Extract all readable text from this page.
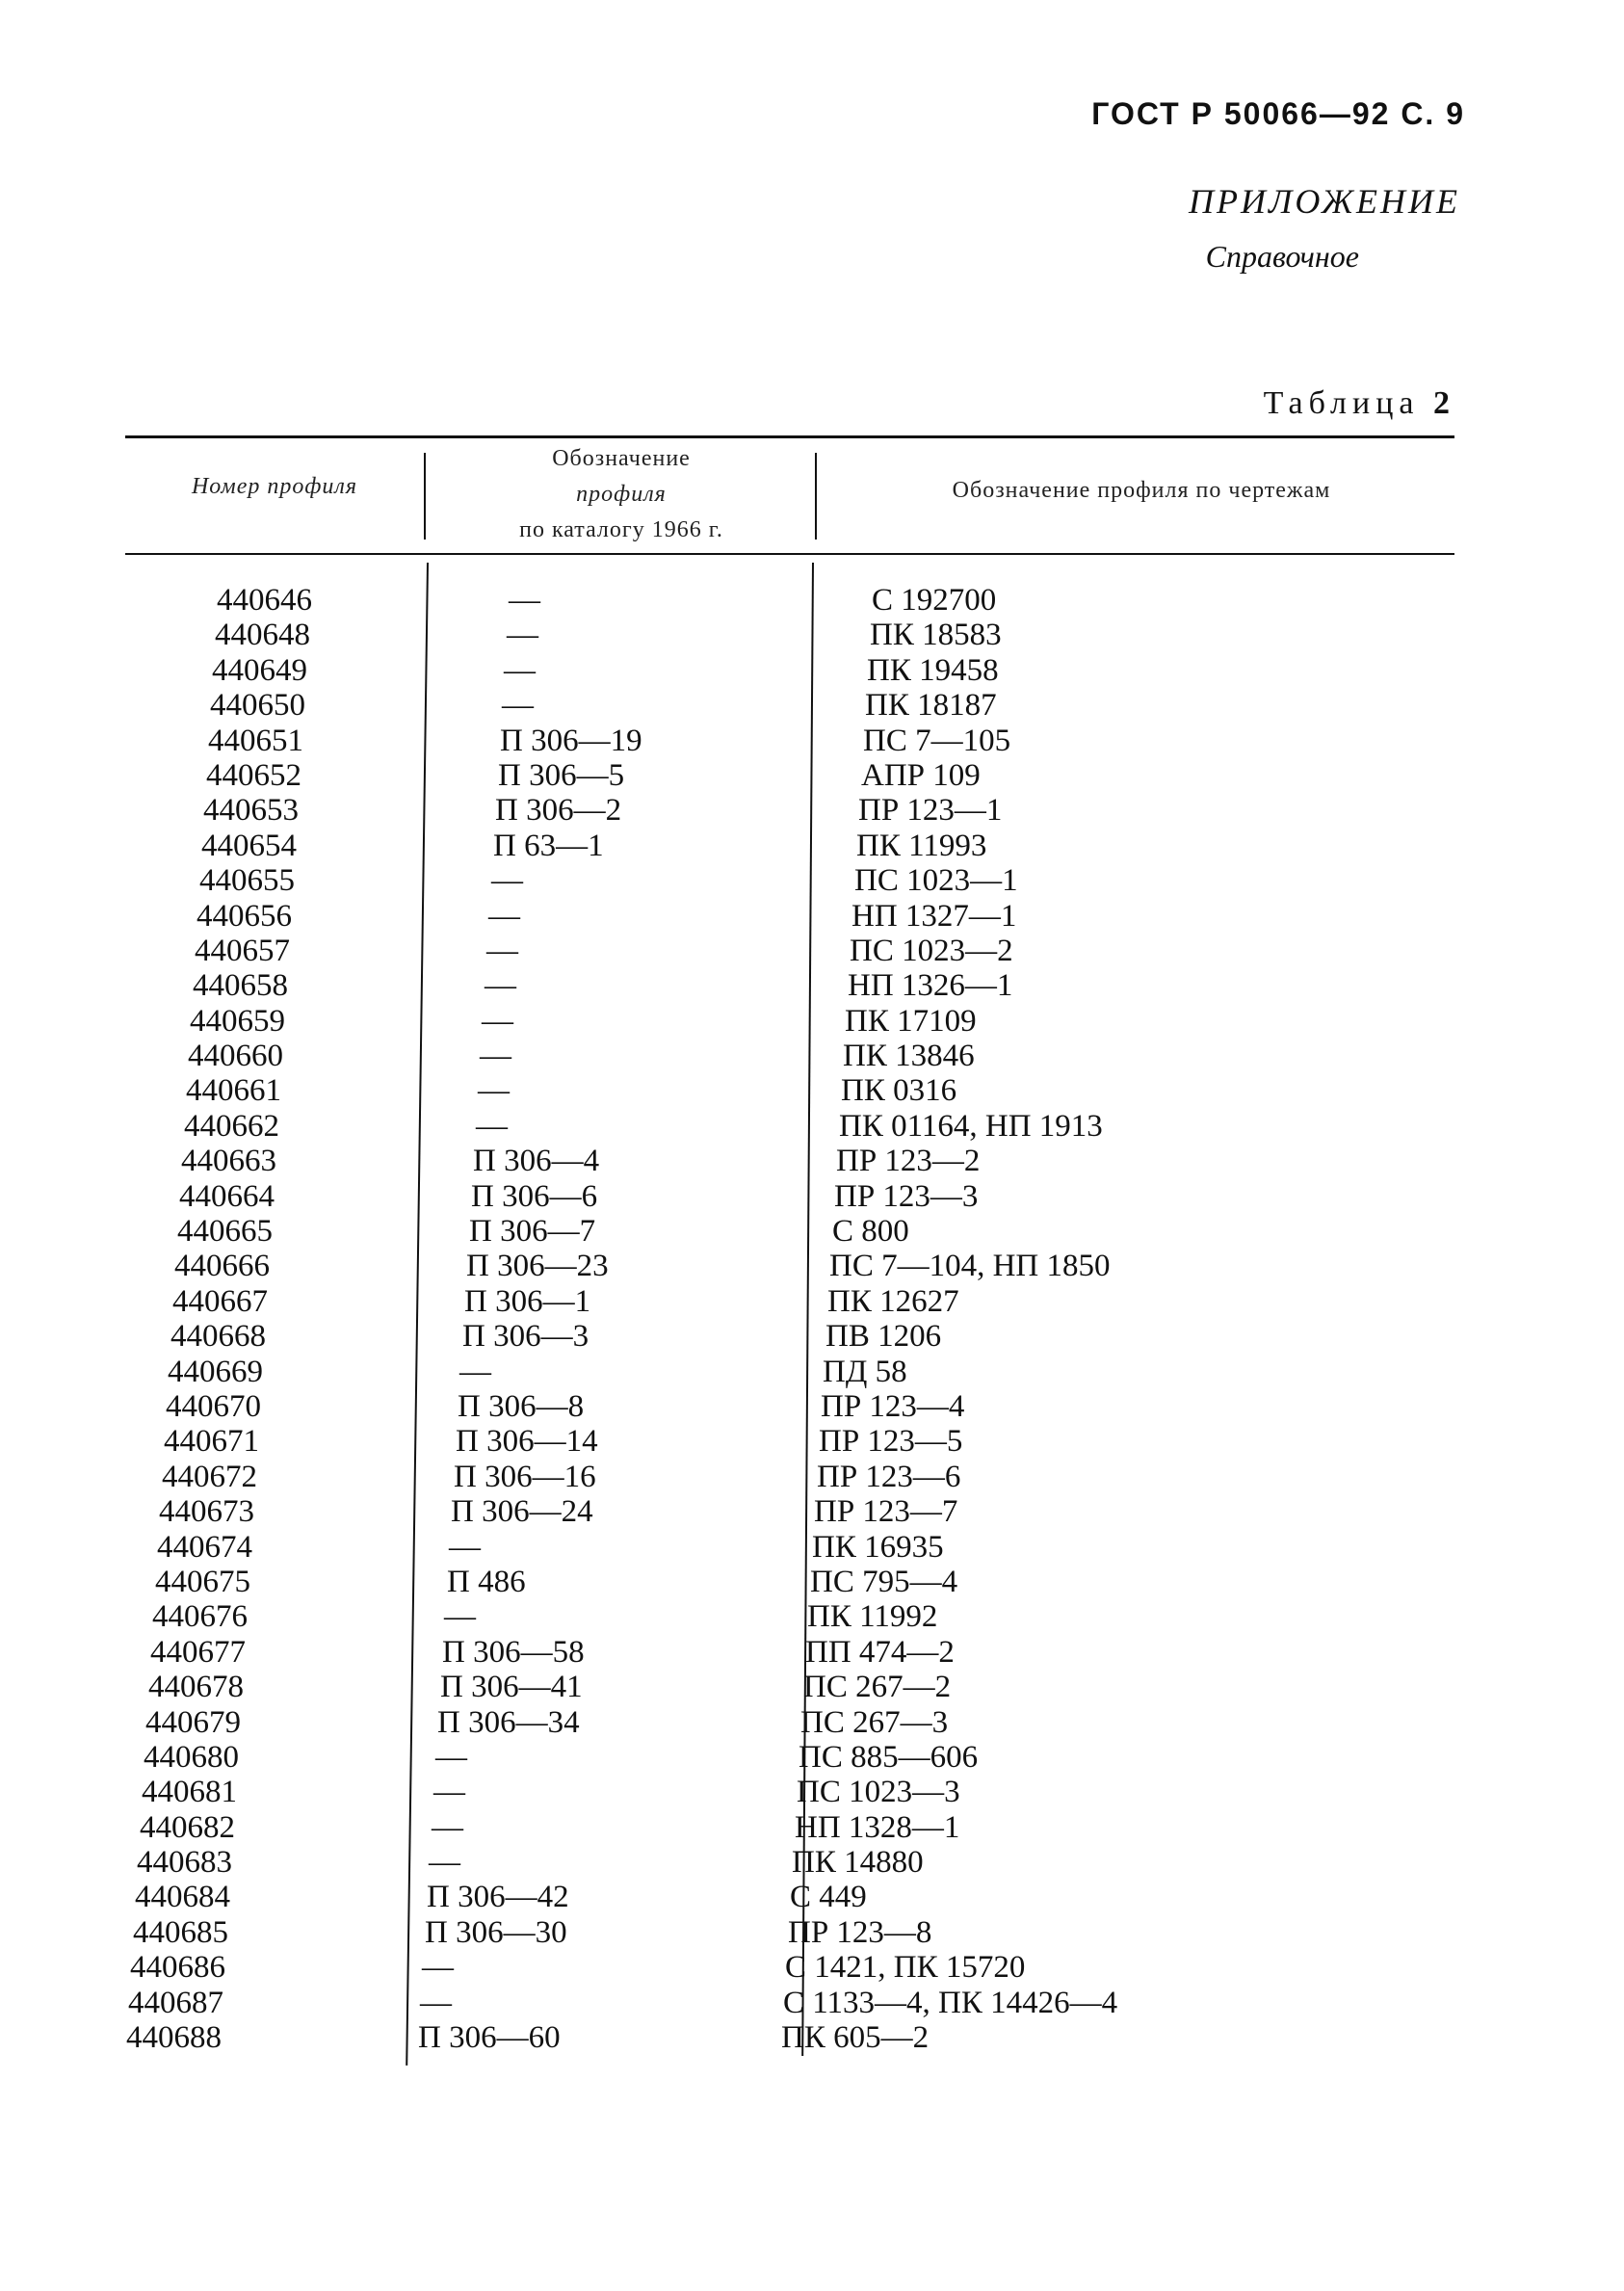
ГОСТ Р 50066—92 С. 9
ПРИЛОЖЕНИЕ
Справочное
Таблица 2
Номер профиля
Обозначение
профиля
по каталогу 1966 г.
Обозначение профиля по чертежам
440646	—	С 192700
440648	—	ПК 18583
440649	—	ПК 19458
440650	—	ПК 18187
440651	П 306—19	ПС 7—105
440652	П 306—5	АПР 109
440653	П 306—2	ПР 123—1
440654	П 63—1	ПК 11993
440655	—	ПС 1023—1
440656	—	НП 1327—1
440657	—	ПС 1023—2
440658	—	НП 1326—1
440659	—	ПК 17109
440660	—	ПК 13846
440661	—	ПК 0316
440662	—	ПК 01164, НП 1913
440663	П 306—4	ПР 123—2
440664	П 306—6	ПР 123—3
440665	П 306—7	С 800
440666	П 306—23	ПС 7—104, НП 1850
440667	П 306—1	ПК 12627
440668	П 306—3	ПВ 1206
440669	—	ПД 58
440670	П 306—8	ПР 123—4
440671	П 306—14	ПР 123—5
440672	П 306—16	ПР 123—6
440673	П 306—24	ПР 123—7
440674	—	ПК 16935
440675	П 486	ПС 795—4
440676	—	ПК 11992
440677	П 306—58	ПП 474—2
440678	П 306—41	ПС 267—2
440679	П 306—34	ПС 267—3
440680	—	ПС 885—606
440681	—	ПС 1023—3
440682	—	НП 1328—1
440683	—	ПК 14880
440684	П 306—42	С 449
440685	П 306—30	ПР 123—8
440686	—	С 1421, ПК 15720
440687	—	С 1133—4, ПК 14426—4
440688	П 306—60	ПК 605—2
